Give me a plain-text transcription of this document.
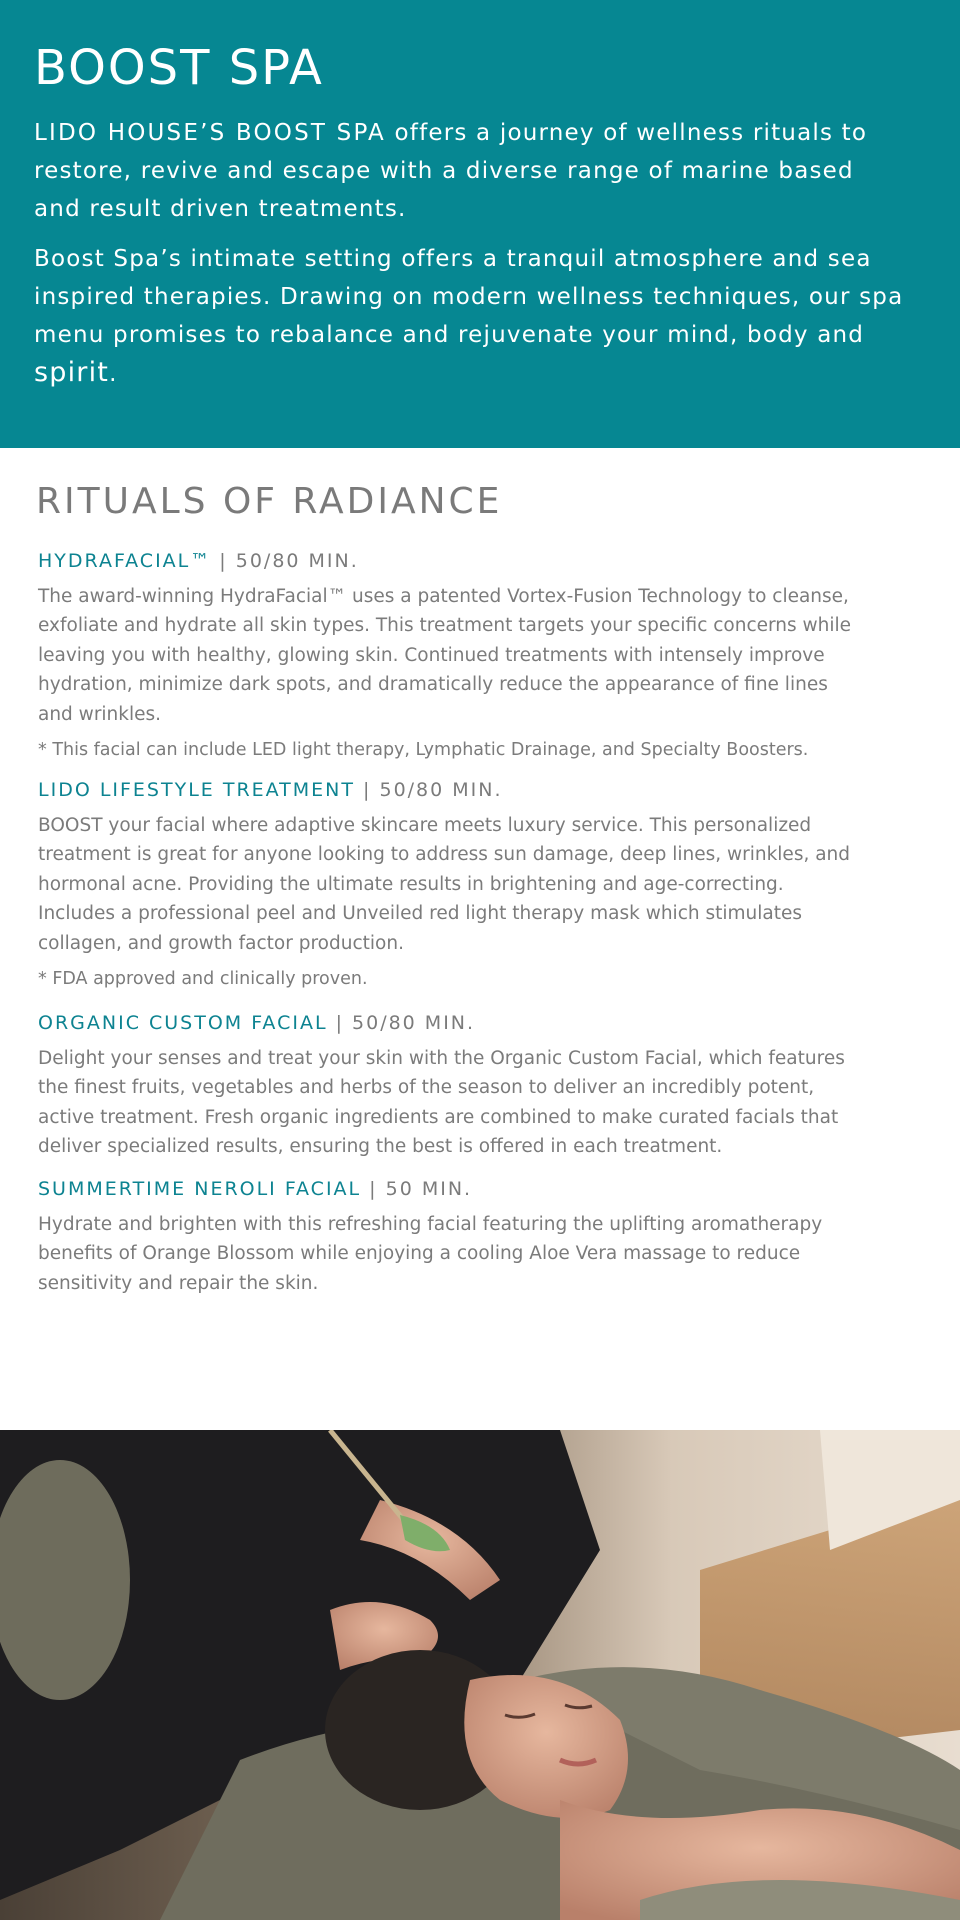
BOOST SPA

LIDO HOUSE’S BOOST SPA offers a journey of wellness rituals to restore, revive and escape with a diverse range of marine based and result driven treatments.

Boost Spa’s intimate setting offers a tranquil atmosphere and sea inspired therapies. Drawing on modern wellness techniques, our spa menu promises to rebalance and rejuvenate your mind, body and spirit.

RITUALS OF RADIANCE
HYDRAFACIAL™ | 50/80 MIN.

The award-winning HydraFacial™ uses a patented Vortex-Fusion Technology to cleanse, exfoliate and hydrate all skin types. This treatment targets your specific concerns while leaving you with healthy, glowing skin. Continued treatments with intensely improve hydration, minimize dark spots, and dramatically reduce the appearance of fine lines and wrinkles.

* This facial can include LED light therapy, Lymphatic Drainage, and Specialty Boosters.

LIDO LIFESTYLE TREATMENT | 50/80 MIN.

BOOST your facial where adaptive skincare meets luxury service. This personalized treatment is great for anyone looking to address sun damage, deep lines, wrinkles, and hormonal acne. Providing the ultimate results in brightening and age-correcting. Includes a professional peel and Unveiled red light therapy mask which stimulates collagen, and growth factor production.

* FDA approved and clinically proven.

ORGANIC CUSTOM FACIAL | 50/80 MIN.

Delight your senses and treat your skin with the Organic Custom Facial, which features the finest fruits, vegetables and herbs of the season to deliver an incredibly potent, active treatment. Fresh organic ingredients are combined to make curated facials that deliver specialized results, ensuring the best is offered in each treatment.

SUMMERTIME NEROLI FACIAL | 50 MIN.

Hydrate and brighten with this refreshing facial featuring the uplifting aromatherapy benefits of Orange Blossom while enjoying a cooling Aloe Vera massage to reduce sensitivity and repair the skin.
